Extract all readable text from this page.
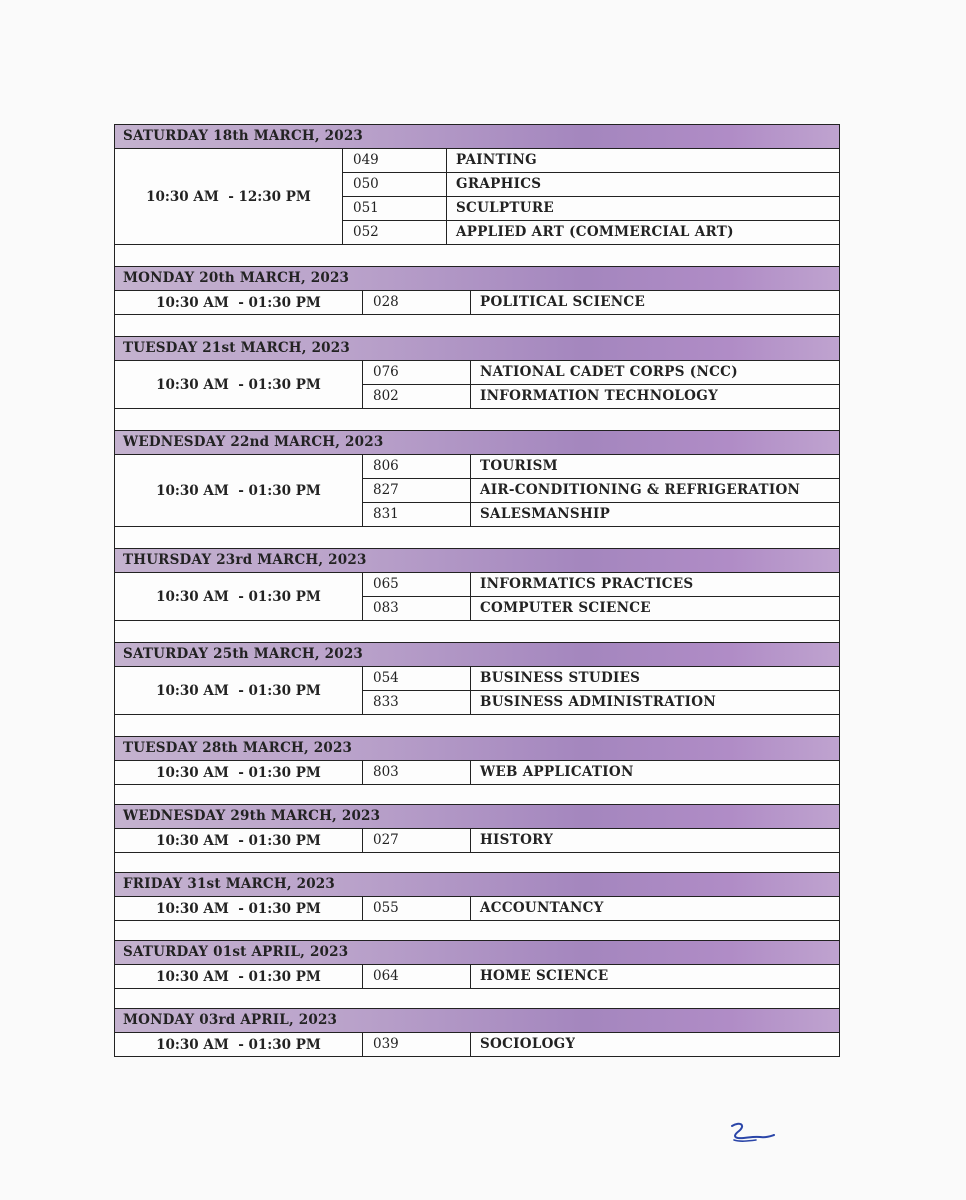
SATURDAY 18th MARCH, 2023
10:30 AM  - 12:30 PM
049	PAINTING
050	GRAPHICS
051	SCULPTURE
052	APPLIED ART (COMMERCIAL ART)
MONDAY 20th MARCH, 2023
10:30 AM  - 01:30 PM	028	POLITICAL SCIENCE
TUESDAY 21st MARCH, 2023
10:30 AM  - 01:30 PM
076	NATIONAL CADET CORPS (NCC)
802	INFORMATION TECHNOLOGY
WEDNESDAY 22nd MARCH, 2023
10:30 AM  - 01:30 PM
806	TOURISM
827	AIR-CONDITIONING & REFRIGERATION
831	SALESMANSHIP
THURSDAY 23rd MARCH, 2023
10:30 AM  - 01:30 PM
065	INFORMATICS PRACTICES
083	COMPUTER SCIENCE
SATURDAY 25th MARCH, 2023
10:30 AM  - 01:30 PM
054	BUSINESS STUDIES
833	BUSINESS ADMINISTRATION
TUESDAY 28th MARCH, 2023
10:30 AM  - 01:30 PM	803	WEB APPLICATION
WEDNESDAY 29th MARCH, 2023
10:30 AM  - 01:30 PM	027	HISTORY
FRIDAY 31st MARCH, 2023
10:30 AM  - 01:30 PM	055	ACCOUNTANCY
SATURDAY 01st APRIL, 2023
10:30 AM  - 01:30 PM	064	HOME SCIENCE
MONDAY 03rd APRIL, 2023
10:30 AM  - 01:30 PM	039	SOCIOLOGY
